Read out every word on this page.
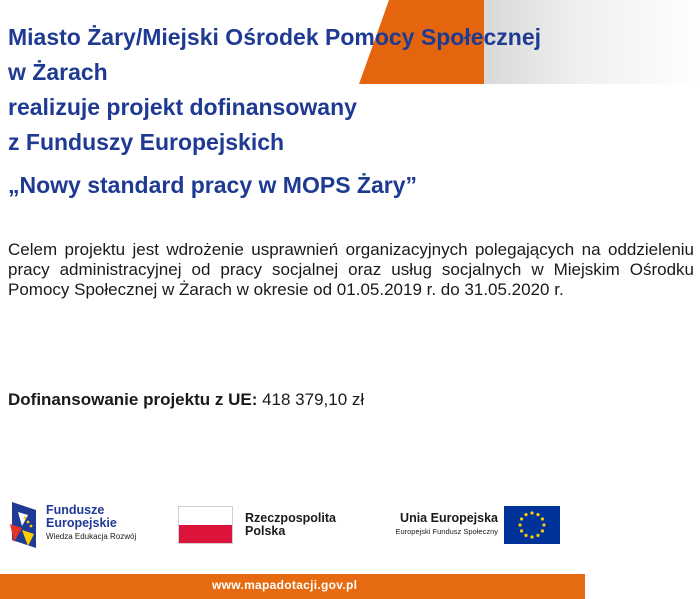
Miasto Żary/Miejski Ośrodek Pomocy Społecznej
w Żarach
realizuje projekt dofinansowany
z Funduszy Europejskich
„Nowy standard pracy w MOPS Żary”

Celem projektu jest wdrożenie usprawnień organizacyjnych polegających na oddzieleniu pracy administracyjnej od pracy socjalnej oraz usług socjalnych w Miejskim Ośrodku Pomocy Społecznej w Żarach w okresie od 01.05.2019 r. do 31.05.2020 r.

Dofinansowanie projektu z UE: 418 379,10 zł

Fundusze
Europejskie
Wiedza Edukacja Rozwój
Rzeczpospolita
Polska
Unia Europejska
Europejski Fundusz Społeczny
www.mapadotacji.gov.pl
